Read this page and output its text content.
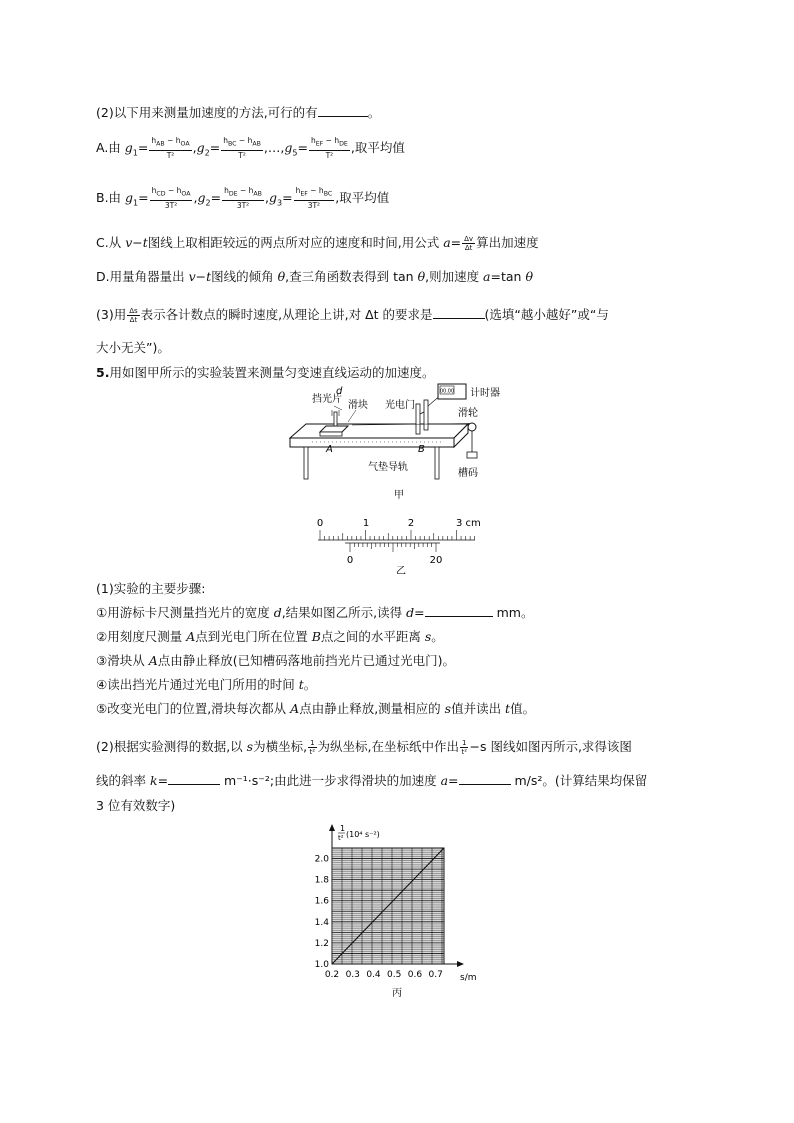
(2)以下用来测量加速度的方法,可行的有	。
A.由 $g_1= \frac{h_{AB} - h_{OA}}{\text{T²}} ,g_2= \frac{h_{BC} - h_{AB}}{\text{T²}}$ $,\dots,g_5= \frac{h_{EF} - h_{DE}}{\text{T²}}$ ,取平均值
B.由 $g_1= \frac{h_{CD} - h_{OA}}{\text{3T²}} ,g_2= \frac{h_{DE} - h_{AB}}{\text{3T²}} ,g_3= \frac{h_{EF} - h_{BC}}{\text{3T²}}$ ,取平均值
C.从 v−t图线上取相距较远的两点所对应的速度和时间,用公式 $a= \frac{\Delta v}{\Delta t}$ 算出加速度
D.用量角器量出 v−t图线的倾角 θ,查三角函数表得到 tan θ,则加速度 a=tan θ
(3)用 $\frac{\Delta s}{\Delta t}$ 表示各计数点的瞬时速度,从理论上讲,对 Δt 的要求是	(选填“越小越好”或“与
大小无关”)。
5.用如图甲所示的实验装置来测量匀变速直线运动的加速度。
00.00
挡光片
d
滑块 光电门
计时器
滑轮
A	B
气垫导轨
槽码
甲
0	1	2	3 cm
0	20
乙
(1)实验的主要步骤:
①用游标卡尺测量挡光片的宽度 d,结果如图乙所示,读得 d=	mm。
②用刻度尺测量 A点到光电门所在位置 B点之间的水平距离 s。
③滑块从 A点由静止释放(已知槽码落地前挡光片已通过光电门)。
④读出挡光片通过光电门所用的时间 t。
⑤改变光电门的位置,滑块每次都从 A点由静止释放,测量相应的 s值并读出 t值。
(2)根据实验测得的数据,以 s为横坐标, $\frac{1}{\text{t²}}$ 为纵坐标,在坐标纸中作出 $\frac{1}{\text{t²}} -s$ 图线如图丙所示,求得该图
线的斜率 k=	m⁻¹·s⁻²;由此进一步求得滑块的加速度 a=	m/s²。(计算结果均保留
3 位有效数字)
1.0
1.2
1.4
1.6
1.8
2.0
0.2 0.3 0.4 0.5 0.6 0.7
1
t² (10⁴ s⁻²)
s/m
丙
